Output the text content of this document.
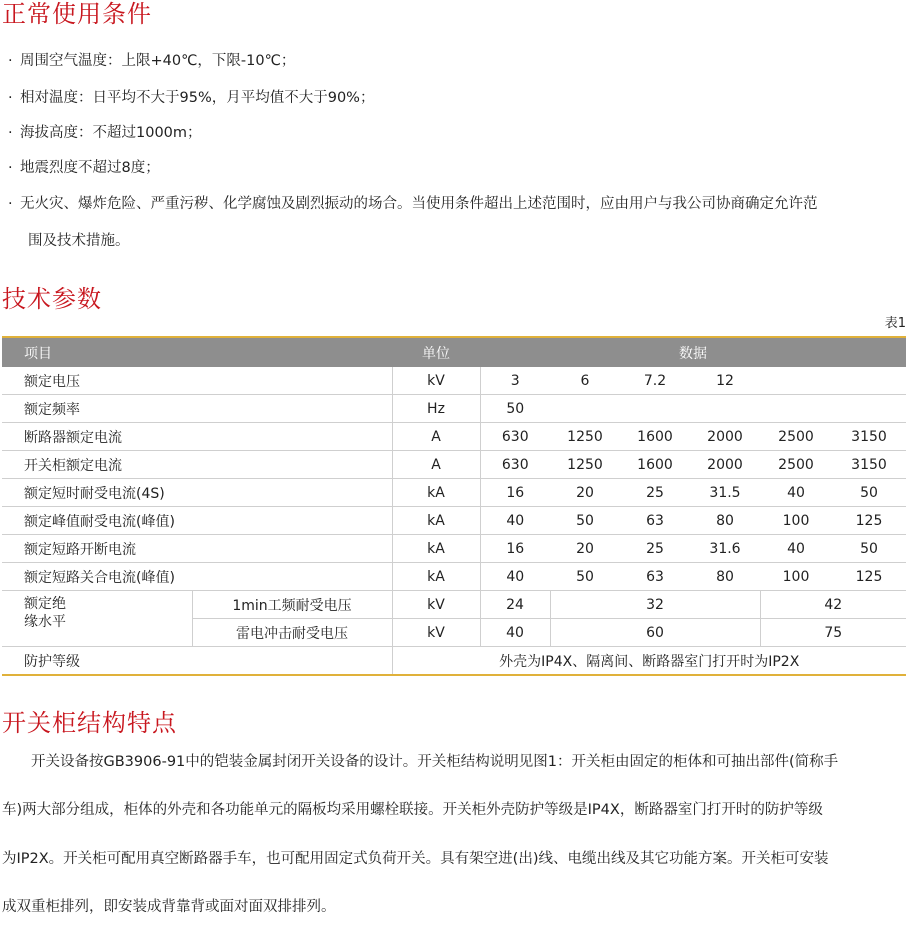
正常使用条件
· 周围空气温度：上限+40℃，下限-10℃；
· 相对温度：日平均不大于95%，月平均值不大于90%；
· 海拔高度：不超过1000m；
· 地震烈度不超过8度；
· 无火灾、爆炸危险、严重污秽、化学腐蚀及剧烈振动的场合。当使用条件超出上述范围时，应由用户与我公司协商确定允许范
围及技术措施。
技术参数
表1
项目		单位	数据					
额定电压		kV	3	6	7.2	12		
额定频率		Hz	50					
断路器额定电流		A	630	1250	1600	2000	2500	3150
开关柜额定电流		A	630	1250	1600	2000	2500	3150
额定短时耐受电流(4S)		kA	16	20	25	31.5	40	50
额定峰值耐受电流(峰值)		kA	40	50	63	80	100	125
额定短路开断电流		kA	16	20	25	31.6	40	50
额定短路关合电流(峰值)		kA	40	50	63	80	100	125
额定绝
缘水平	1min工频耐受电压	kV	24	32			42	
	雷电冲击耐受电压	kV	40	60			75	
防护等级		外壳为IP4X、隔离间、断路器室门打开时为IP2X						
开关柜结构特点
　　开关设备按GB3906-91中的铠装金属封闭开关设备的设计。开关柜结构说明见图1：开关柜由固定的柜体和可抽出部件(简称手
车)两大部分组成，柜体的外壳和各功能单元的隔板均采用螺栓联接。开关柜外壳防护等级是IP4X，断路器室门打开时的防护等级
为IP2X。开关柜可配用真空断路器手车，也可配用固定式负荷开关。具有架空进(出)线、电缆出线及其它功能方案。开关柜可安装
成双重柜排列，即安装成背靠背或面对面双排排列。
